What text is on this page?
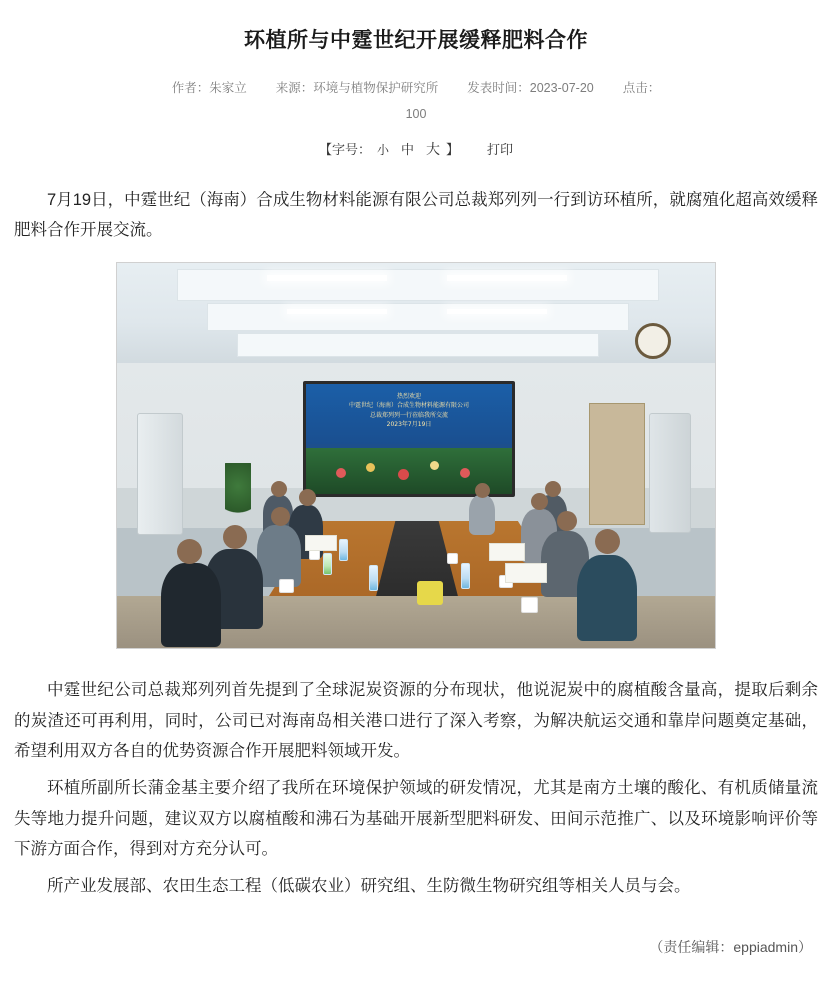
环植所与中霆世纪开展缓释肥料合作
作者：朱家立 来源：环境与植物保护研究所 发表时间：2023-07-20 点击：
100
【字号： 小 中 大 】 打印

7月19日，中霆世纪（海南）合成生物材料能源有限公司总裁郑列列一行到访环植所，就腐殖化超高效缓释肥料合作开展交流。

热烈欢迎
中霆世纪（海南）合成生物材料能源有限公司
总裁郑列列一行莅临我所交流
2023年7月19日

中霆世纪公司总裁郑列列首先提到了全球泥炭资源的分布现状，他说泥炭中的腐植酸含量高，提取后剩余的炭渣还可再利用，同时，公司已对海南岛相关港口进行了深入考察，为解决航运交通和靠岸问题奠定基础，希望利用双方各自的优势资源合作开展肥料领域开发。

环植所副所长蒲金基主要介绍了我所在环境保护领域的研发情况，尤其是南方土壤的酸化、有机质储量流失等地力提升问题，建议双方以腐植酸和沸石为基础开展新型肥料研发、田间示范推广、以及环境影响评价等下游方面合作，得到对方充分认可。

所产业发展部、农田生态工程（低碳农业）研究组、生防微生物研究组等相关人员与会。

（责任编辑：eppiadmin）
